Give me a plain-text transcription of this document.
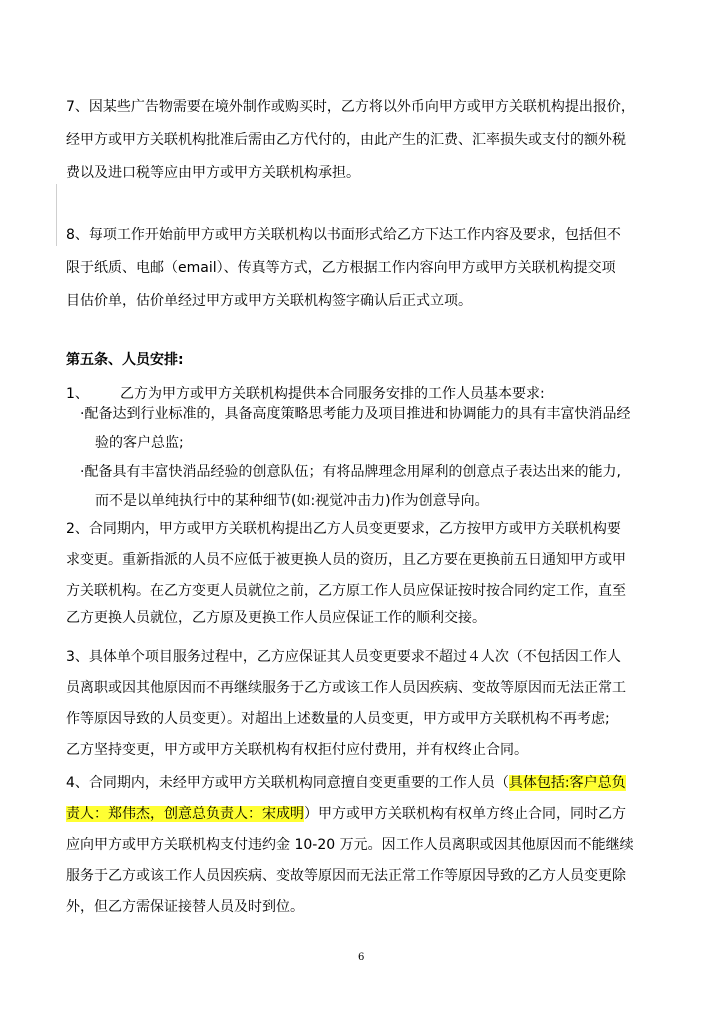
7、因某些广告物需要在境外制作或购买时，乙方将以外币向甲方或甲方关联机构提出报价，
经甲方或甲方关联机构批准后需由乙方代付的，由此产生的汇费、汇率损失或支付的额外税
费以及进口税等应由甲方或甲方关联机构承担。
8、每项工作开始前甲方或甲方关联机构以书面形式给乙方下达工作内容及要求，包括但不
限于纸质、电邮（email）、传真等方式，乙方根据工作内容向甲方或甲方关联机构提交项
目估价单，估价单经过甲方或甲方关联机构签字确认后正式立项。
第五条、人员安排:
1、 乙方为甲方或甲方关联机构提供本合同服务安排的工作人员基本要求:
·配备达到行业标准的，具备高度策略思考能力及项目推进和协调能力的具有丰富快消品经
验的客户总监;
·配备具有丰富快消品经验的创意队伍；有将品牌理念用犀利的创意点子表达出来的能力,
而不是以单纯执行中的某种细节(如:视觉冲击力)作为创意导向。
2、合同期内，甲方或甲方关联机构提出乙方人员变更要求，乙方按甲方或甲方关联机构要
求变更。重新指派的人员不应低于被更换人员的资历，且乙方要在更换前五日通知甲方或甲
方关联机构。在乙方变更人员就位之前，乙方原工作人员应保证按时按合同约定工作，直至
乙方更换人员就位，乙方原及更换工作人员应保证工作的顺利交接。
3、具体单个项目服务过程中，乙方应保证其人员变更要求不超过４人次（不包括因工作人
员离职或因其他原因而不再继续服务于乙方或该工作人员因疾病、变故等原因而无法正常工
作等原因导致的人员变更）。对超出上述数量的人员变更，甲方或甲方关联机构不再考虑;
乙方坚持变更，甲方或甲方关联机构有权拒付应付费用，并有权终止合同。
4、合同期内，未经甲方或甲方关联机构同意擅自变更重要的工作人员（具体包括:客户总负
责人：郑伟杰，创意总负责人：宋成明）甲方或甲方关联机构有权单方终止合同，同时乙方
应向甲方或甲方关联机构支付违约金 10-20 万元。因工作人员离职或因其他原因而不能继续
服务于乙方或该工作人员因疾病、变故等原因而无法正常工作等原因导致的乙方人员变更除
外，但乙方需保证接替人员及时到位。
6
